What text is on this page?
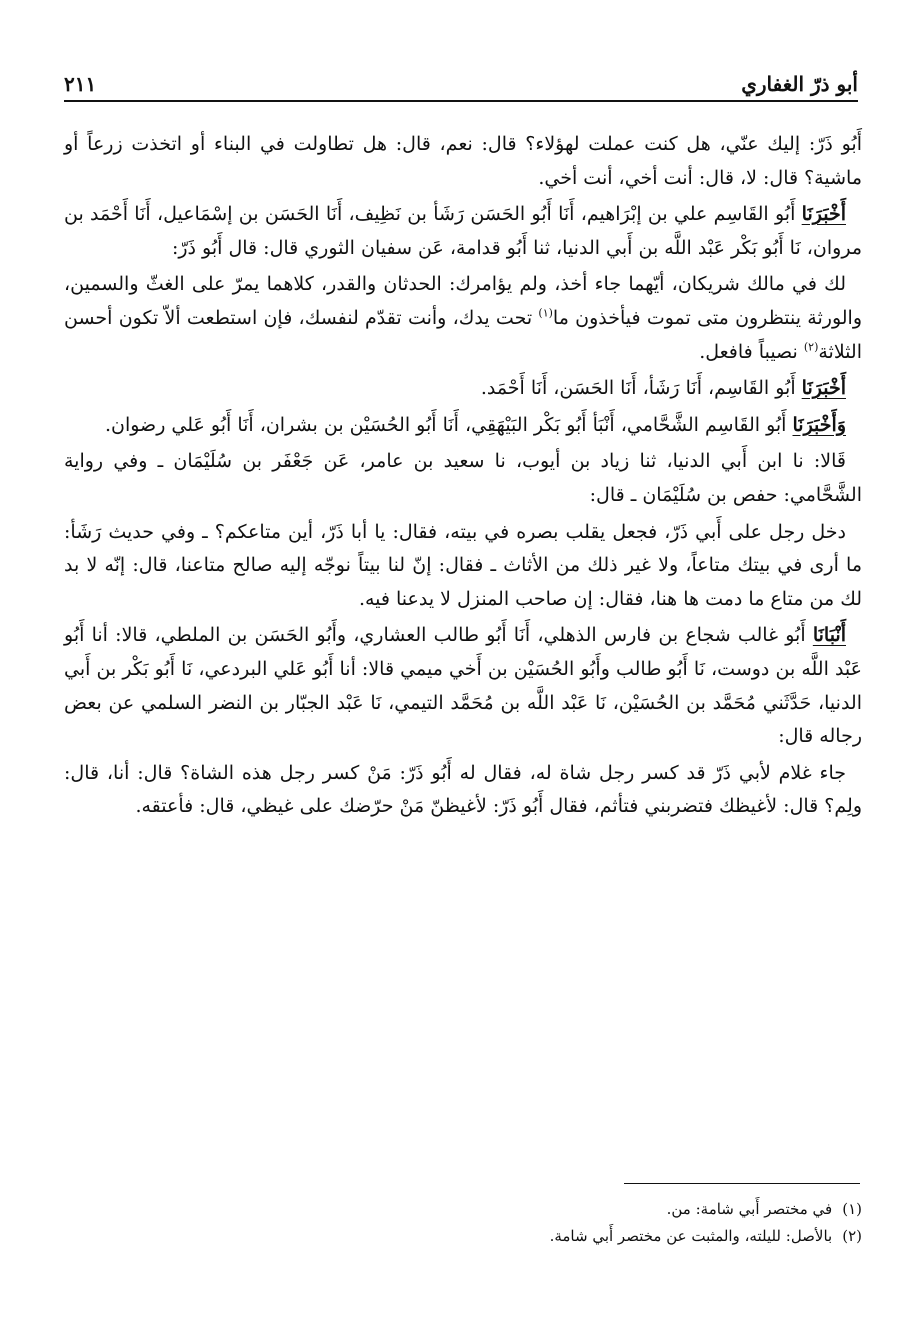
أبو ذرّ الغفاري
٢١١

أَبُو ذَرّ: إليك عنّي، هل كنت عملت لهؤلاء؟ قال: نعم، قال: هل تطاولت في البناء أو اتخذت زرعاً أو ماشية؟ قال: لا، قال: أنت أخي، أنت أخي.

أَخْبَرَنَا أَبُو القَاسِم علي بن إبْرَاهيم، أَنَا أَبُو الحَسَن رَشَأ بن نَظِيف، أَنَا الحَسَن بن إسْمَاعيل، أَنَا أَحْمَد بن مروان، نَا أَبُو بَكْر عَبْد اللَّه بن أَبي الدنيا، ثنا أَبُو قدامة، عَن سفيان الثوري قال: قال أَبُو ذَرّ:

لك في مالك شريكان، أيّهما جاء أخذ، ولم يؤامرك: الحدثان والقدر، كلاهما يمرّ على الغثّ والسمين، والورثة ينتظرون متى تموت فيأخذون ما$^{(١)}$ تحت يدك، وأنت تقدّم لنفسك، فإن استطعت ألاّ تكون أحسن الثلاثة$^{(٢)}$ نصيباً فافعل.

أَخْبَرَنَا أَبُو القَاسِم، أَنَا رَشَأ، أَنَا الحَسَن، أَنَا أَحْمَد.

وَأَخْبَرَنَا أَبُو القَاسِم الشَّحَّامي، أَنْبَأ أَبُو بَكْر البَيْهَقِي، أَنَا أَبُو الحُسَيْن بن بشران، أَنَا أَبُو عَلي رضوان.

قَالا: نا ابن أَبي الدنيا، ثنا زياد بن أيوب، نا سعيد بن عامر، عَن جَعْفَر بن سُلَيْمَان ـ وفي رواية الشَّحَّامي: حفص بن سُلَيْمَان ـ قال:

دخل رجل على أَبي ذَرّ، فجعل يقلب بصره في بيته، فقال: يا أبا ذَرّ، أين متاعكم؟ ـ وفي حديث رَشَأ: ما أرى في بيتك متاعاً، ولا غير ذلك من الأثاث ـ فقال: إنّ لنا بيتاً نوجّه إليه صالح متاعنا، قال: إنّه لا بد لك من متاع ما دمت ها هنا، فقال: إن صاحب المنزل لا يدعنا فيه.

أَنْبَانَا أَبُو غالب شجاع بن فارس الذهلي، أَنَا أَبُو طالب العشاري، وأَبُو الحَسَن بن الملطي، قالا: أنا أَبُو عَبْد اللَّه بن دوست، نَا أَبُو طالب وأَبُو الحُسَيْن بن أَخي ميمي قالا: أنا أَبُو عَلي البردعي، نَا أَبُو بَكْر بن أَبي الدنيا، حَدَّثَني مُحَمَّد بن الحُسَيْن، نَا عَبْد اللَّه بن مُحَمَّد التيمي، نَا عَبْد الجبّار بن النضر السلمي عن بعض رجاله قال:

جاء غلام لأبي ذَرّ قد كسر رجل شاة له، فقال له أَبُو ذَرّ: مَنْ كسر رجل هذه الشاة؟ قال: أنا، قال: ولِم؟ قال: لأغيظك فتضربني فتأثم، فقال أَبُو ذَرّ: لأغيظنّ مَنْ حرّضك على غيظي، قال: فأعتقه.

(١)في مختصر أَبي شامة: من.

(٢)بالأصل: لليلته، والمثبت عن مختصر أَبي شامة.
